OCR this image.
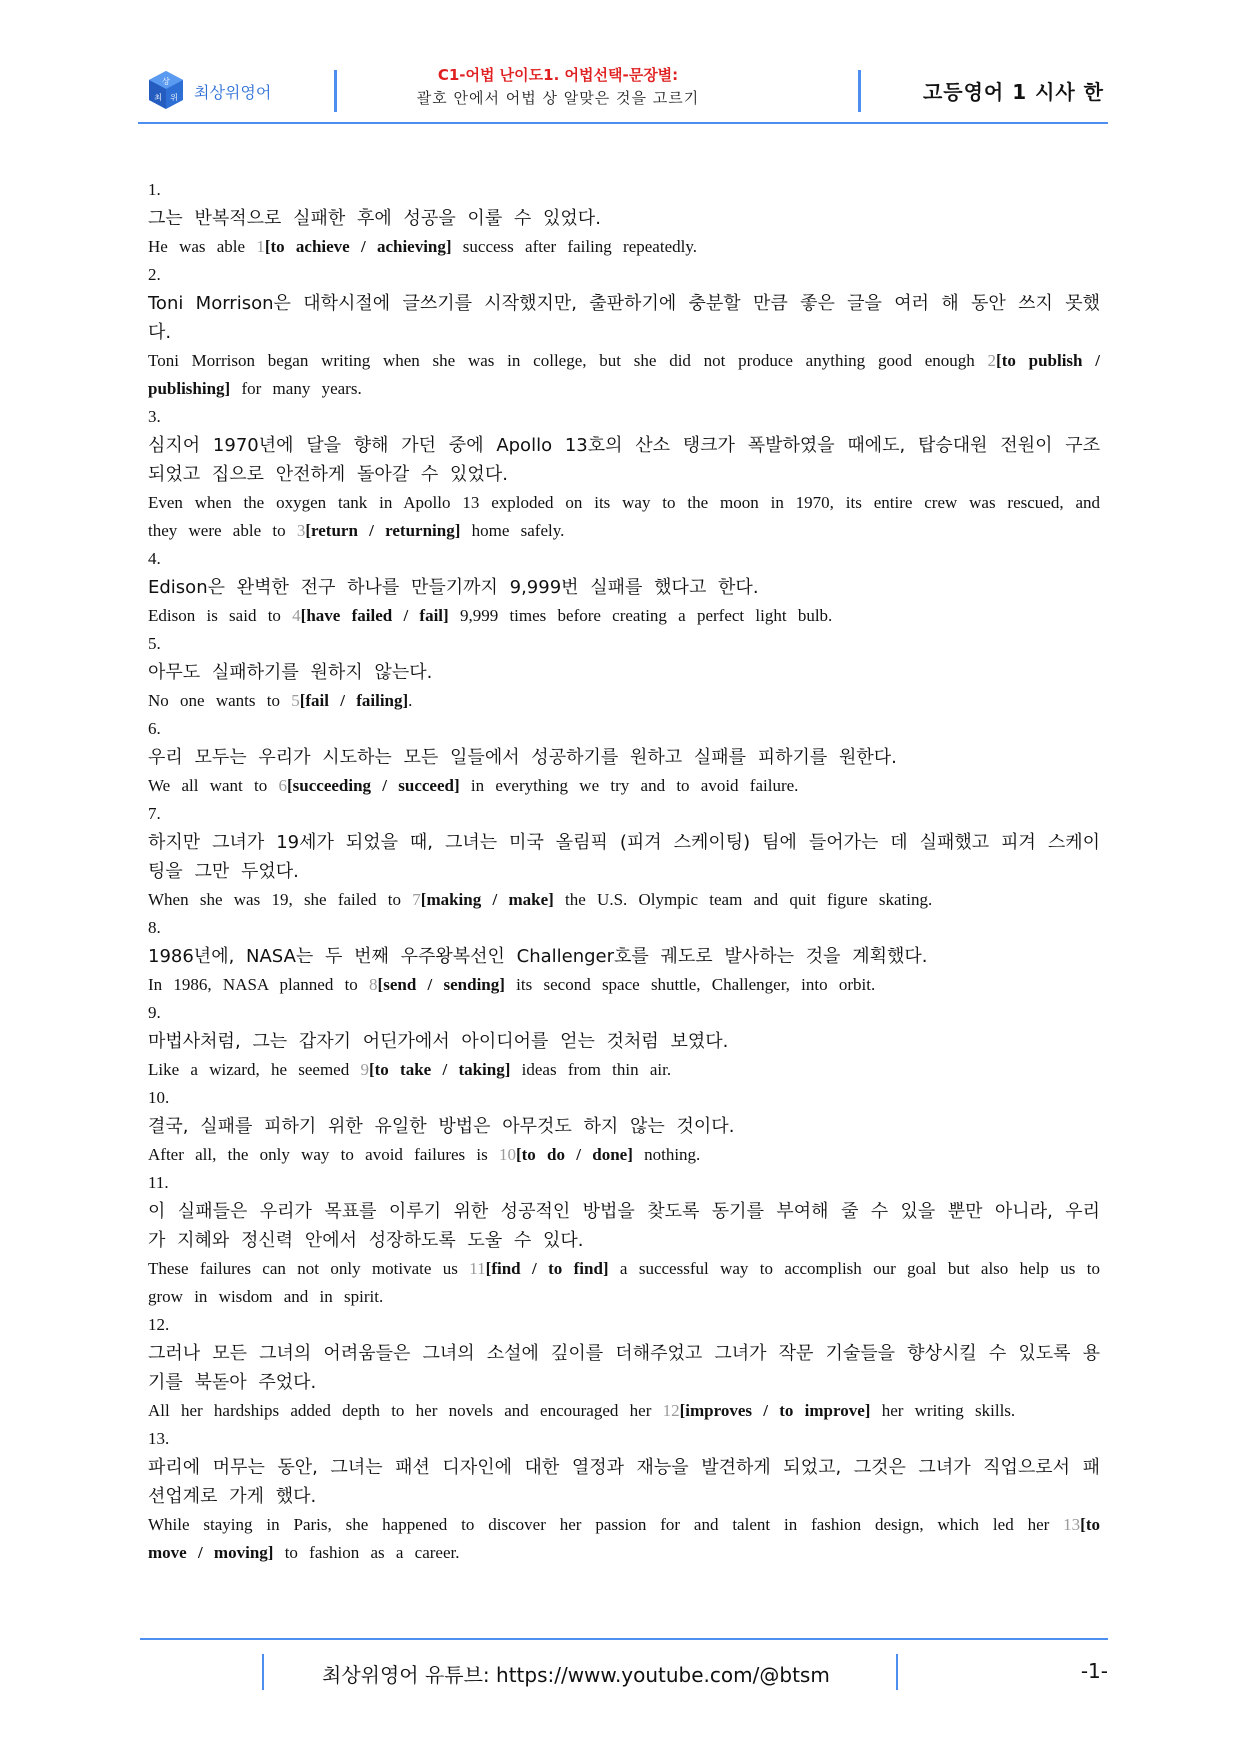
상
최 위 최상위영어
C1-어법 난이도1. 어법선택-문장별:
괄호 안에서 어법 상 알맞은 것을 고르기	고등영어 1 시사 한
1.
그는 반복적으로 실패한 후에 성공을 이룰 수 있었다.
He was able 1[to achieve / achieving] success after failing repeatedly.
2.
Toni Morrison은 대학시절에 글쓰기를 시작했지만, 출판하기에 충분할 만큼 좋은 글을 여러 해 동안 쓰지 못했다.
Toni Morrison began writing when she was in college, but she did not produce anything good enough 2[to publish / publishing] for many years.
3.
심지어 1970년에 달을 향해 가던 중에 Apollo 13호의 산소 탱크가 폭발하였을 때에도, 탑승대원 전원이 구조되었고 집으로 안전하게 돌아갈 수 있었다.
Even when the oxygen tank in Apollo 13 exploded on its way to the moon in 1970, its entire crew was rescued, and they were able to 3[return / returning] home safely.
4.
Edison은 완벽한 전구 하나를 만들기까지 9,999번 실패를 했다고 한다.
Edison is said to 4[have failed / fail] 9,999 times before creating a perfect light bulb.
5.
아무도 실패하기를 원하지 않는다.
No one wants to 5[fail / failing].
6.
우리 모두는 우리가 시도하는 모든 일들에서 성공하기를 원하고 실패를 피하기를 원한다.
We all want to 6[succeeding / succeed] in everything we try and to avoid failure.
7.
하지만 그녀가 19세가 되었을 때, 그녀는 미국 올림픽 (피겨 스케이팅) 팀에 들어가는 데 실패했고 피겨 스케이팅을 그만 두었다.
When she was 19, she failed to 7[making / make] the U.S. Olympic team and quit figure skating.
8.
1986년에, NASA는 두 번째 우주왕복선인 Challenger호를 궤도로 발사하는 것을 계획했다.
In 1986, NASA planned to 8[send / sending] its second space shuttle, Challenger, into orbit.
9.
마법사처럼, 그는 갑자기 어딘가에서 아이디어를 얻는 것처럼 보였다.
Like a wizard, he seemed 9[to take / taking] ideas from thin air.
10.
결국, 실패를 피하기 위한 유일한 방법은 아무것도 하지 않는 것이다.
After all, the only way to avoid failures is 10[to do / done] nothing.
11.
이 실패들은 우리가 목표를 이루기 위한 성공적인 방법을 찾도록 동기를 부여해 줄 수 있을 뿐만 아니라, 우리가 지혜와 정신력 안에서 성장하도록 도울 수 있다.
These failures can not only motivate us 11[find / to find] a successful way to accomplish our goal but also help us to grow in wisdom and in spirit.
12.
그러나 모든 그녀의 어려움들은 그녀의 소설에 깊이를 더해주었고 그녀가 작문 기술들을 향상시킬 수 있도록 용기를 북돋아 주었다.
All her hardships added depth to her novels and encouraged her 12[improves / to improve] her writing skills.
13.
파리에 머무는 동안, 그녀는 패션 디자인에 대한 열정과 재능을 발견하게 되었고, 그것은 그녀가 직업으로서 패션업계로 가게 했다.
While staying in Paris, she happened to discover her passion for and talent in fashion design, which led her 13[to move / moving] to fashion as a career.
최상위영어 유튜브: https://www.youtube.com/@btsm	-1-
